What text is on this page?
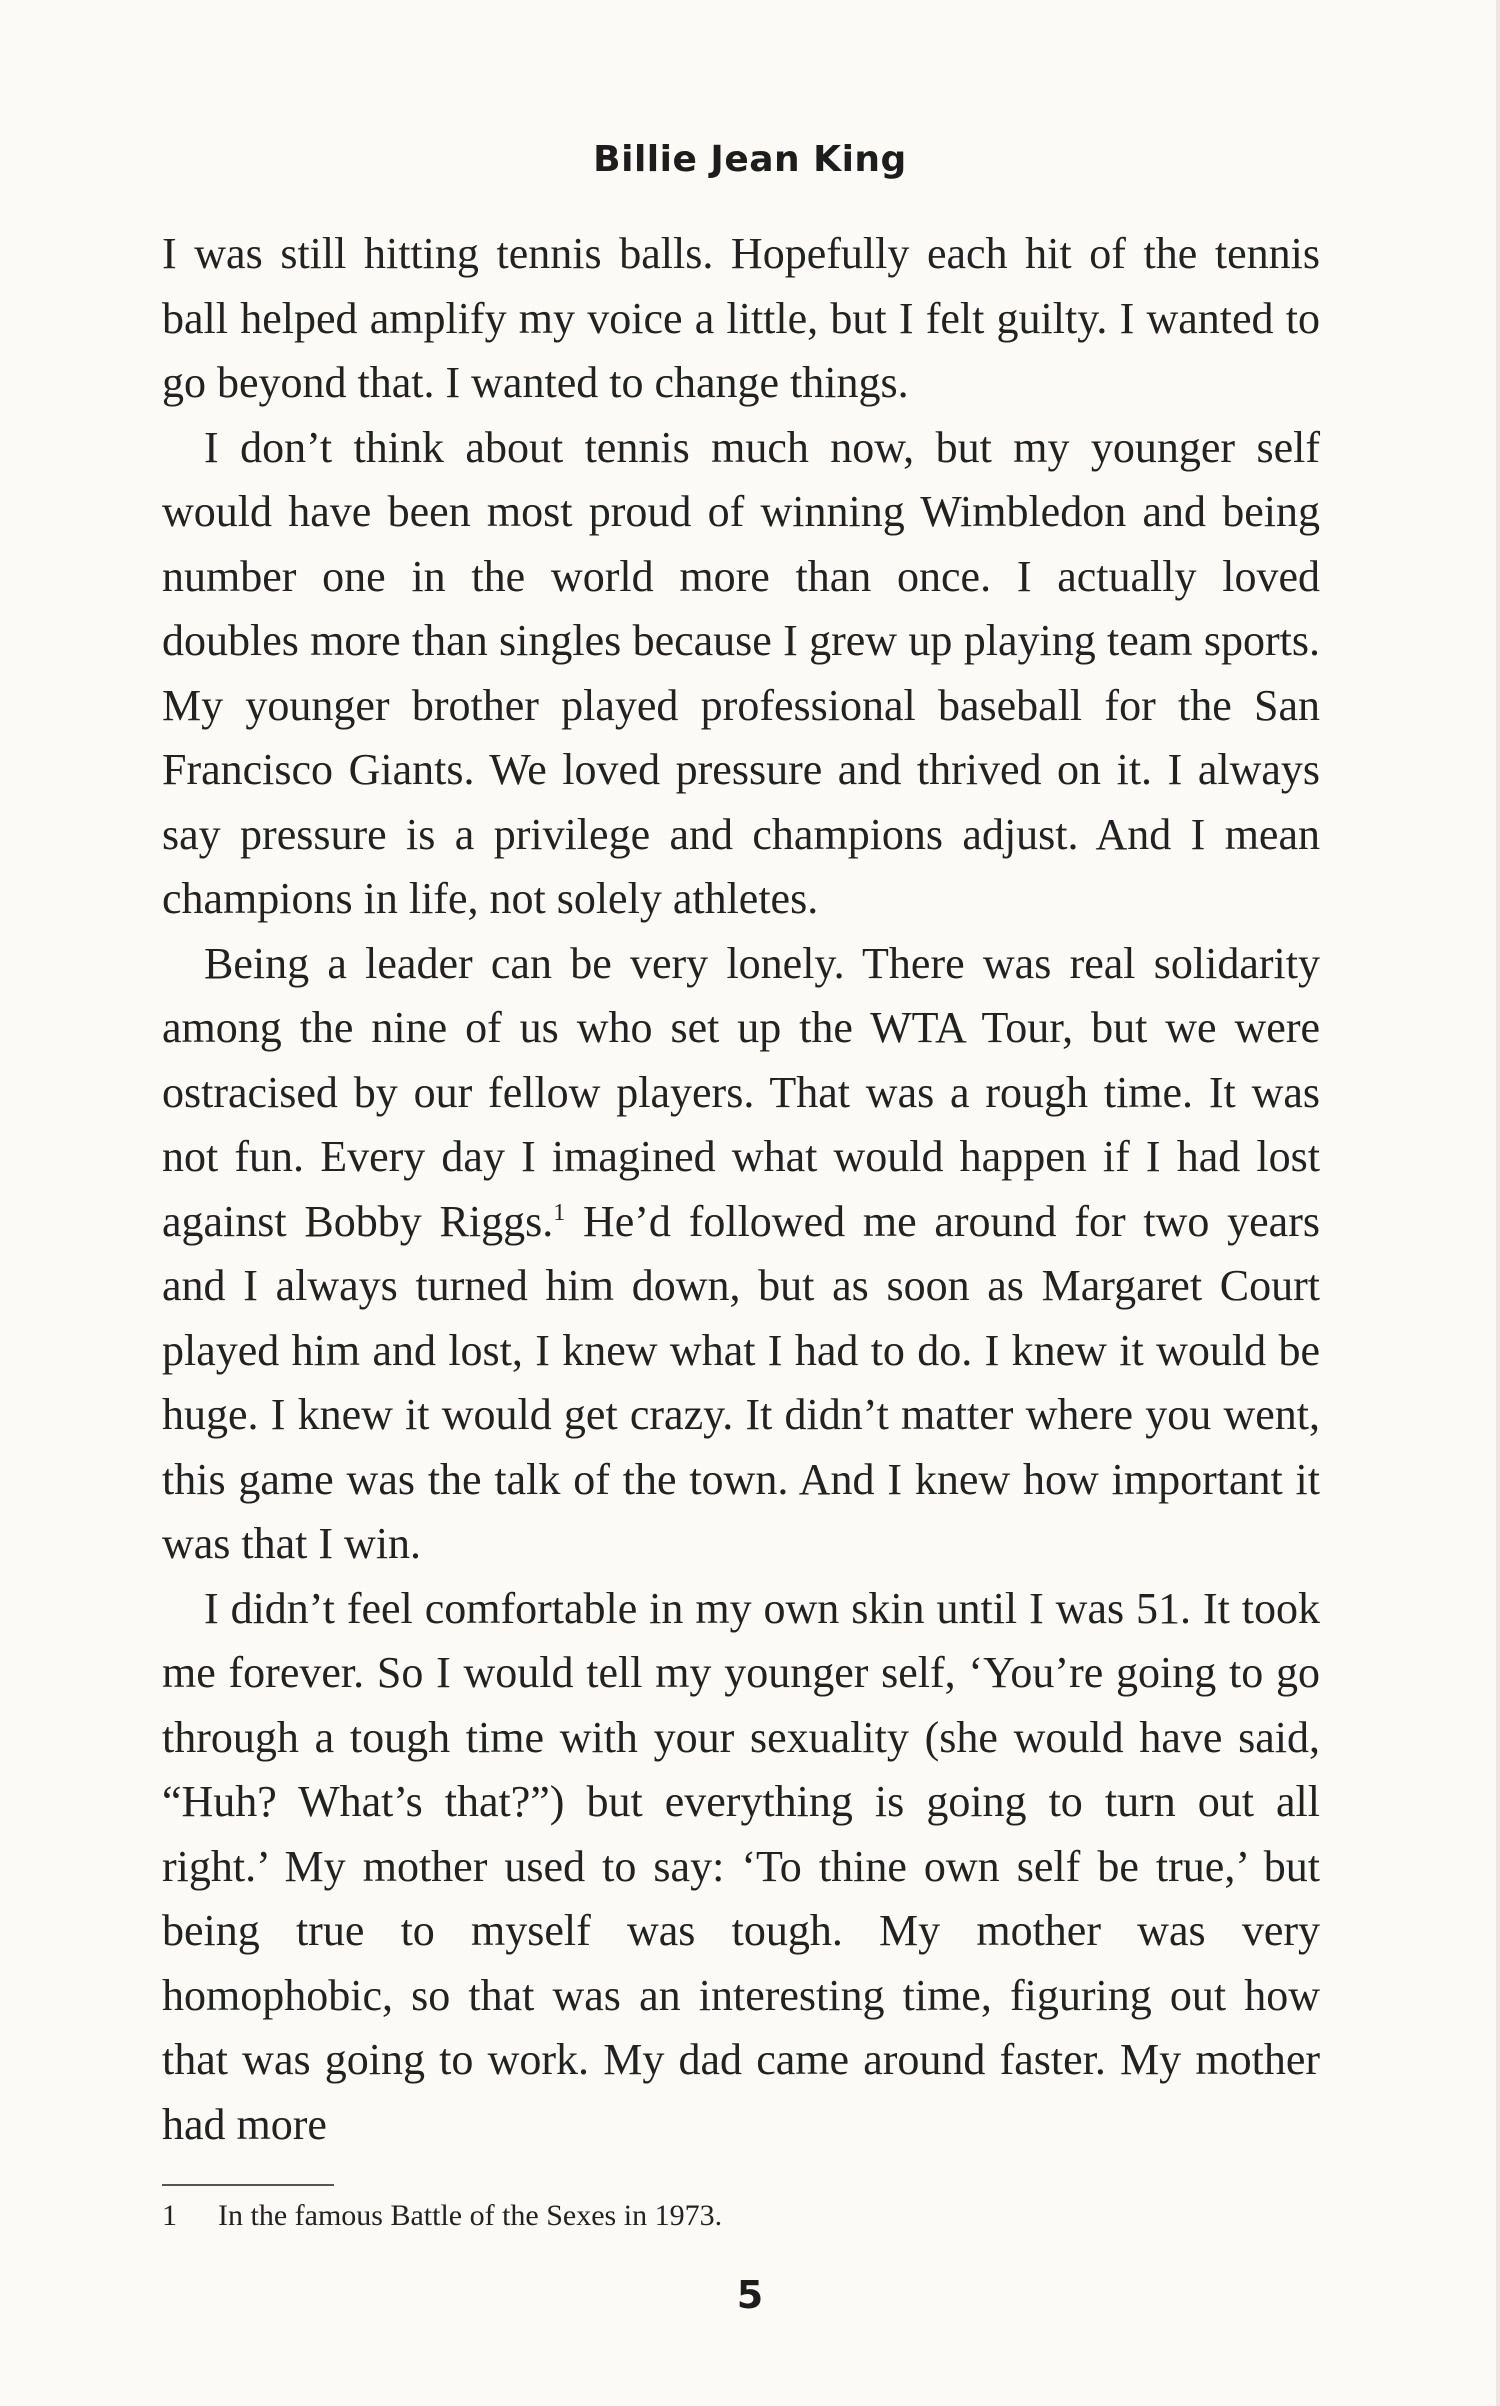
Billie Jean King

I was still hitting tennis balls. Hopefully each hit of the tennis ball helped amplify my voice a little, but I felt guilty. I wanted to go beyond that. I wanted to change things.

I don’t think about tennis much now, but my younger self would have been most proud of winning Wimbledon and being number one in the world more than once. I actually loved doubles more than singles because I grew up playing team sports. My younger brother played professional baseball for the San Francisco Giants. We loved pressure and thrived on it. I always say pressure is a privilege and champions adjust. And I mean champions in life, not solely athletes.

Being a leader can be very lonely. There was real solidarity among the nine of us who set up the WTA Tour, but we were ostracised by our fellow players. That was a rough time. It was not fun. Every day I imagined what would happen if I had lost against Bobby Riggs.$^1$ He’d followed me around for two years and I always turned him down, but as soon as Margaret Court played him and lost, I knew what I had to do. I knew it would be huge. I knew it would get crazy. It didn’t matter where you went, this game was the talk of the town. And I knew how important it was that I win.

I didn’t feel comfortable in my own skin until I was 51. It took me forever. So I would tell my younger self, ‘You’re going to go through a tough time with your sexuality (she would have said, “Huh? What’s that?”) but everything is going to turn out all right.’ My mother used to say: ‘To thine own self be true,’ but being true to myself was tough. My mother was very homophobic, so that was an interesting time, figuring out how that was going to work. My dad came around faster. My mother had more

1 In the famous Battle of the Sexes in 1973.
5
